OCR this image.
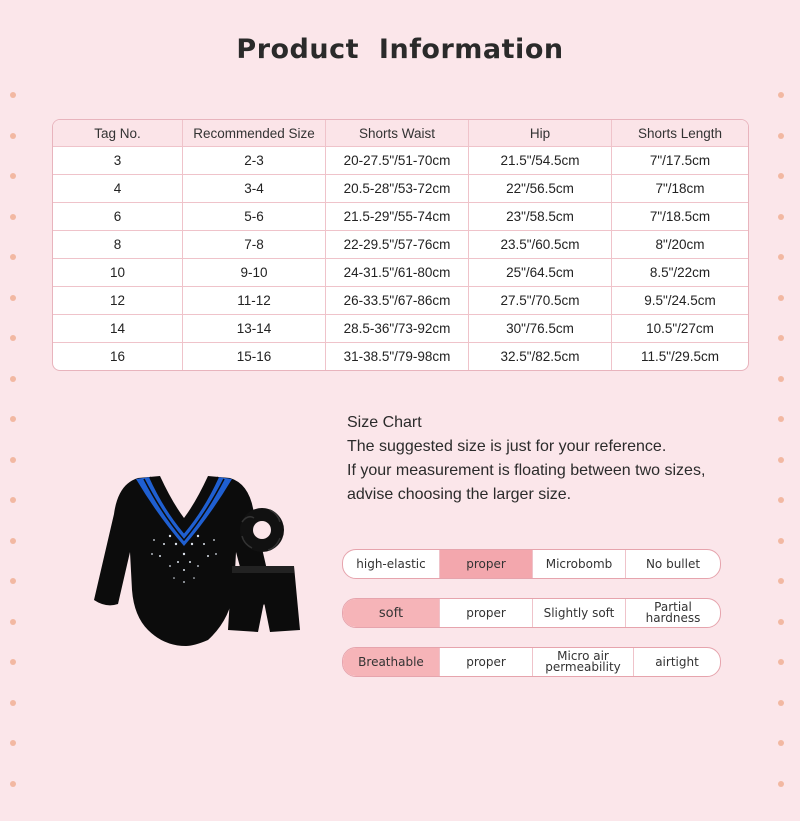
Product Information
Tag No.	Recommended Size	Shorts Waist	Hip	Shorts Length
3	2-3	20-27.5"/51-70cm	21.5"/54.5cm	7"/17.5cm
4	3-4	20.5-28"/53-72cm	22"/56.5cm	7"/18cm
6	5-6	21.5-29"/55-74cm	23"/58.5cm	7"/18.5cm
8	7-8	22-29.5"/57-76cm	23.5"/60.5cm	8"/20cm
10	9-10	24-31.5"/61-80cm	25"/64.5cm	8.5"/22cm
12	11-12	26-33.5"/67-86cm	27.5"/70.5cm	9.5"/24.5cm
14	13-14	28.5-36"/73-92cm	30"/76.5cm	10.5"/27cm
16	15-16	31-38.5"/79-98cm	32.5"/82.5cm	11.5"/29.5cm
Size Chart
The suggested size is just for your reference.
If your measurement is floating between two sizes,
advise choosing the larger size.
high-elastic	proper	Microbomb	No bullet
soft	proper	Slightly soft	Partial hardness
Breathable	proper	Micro air permeability	airtight
